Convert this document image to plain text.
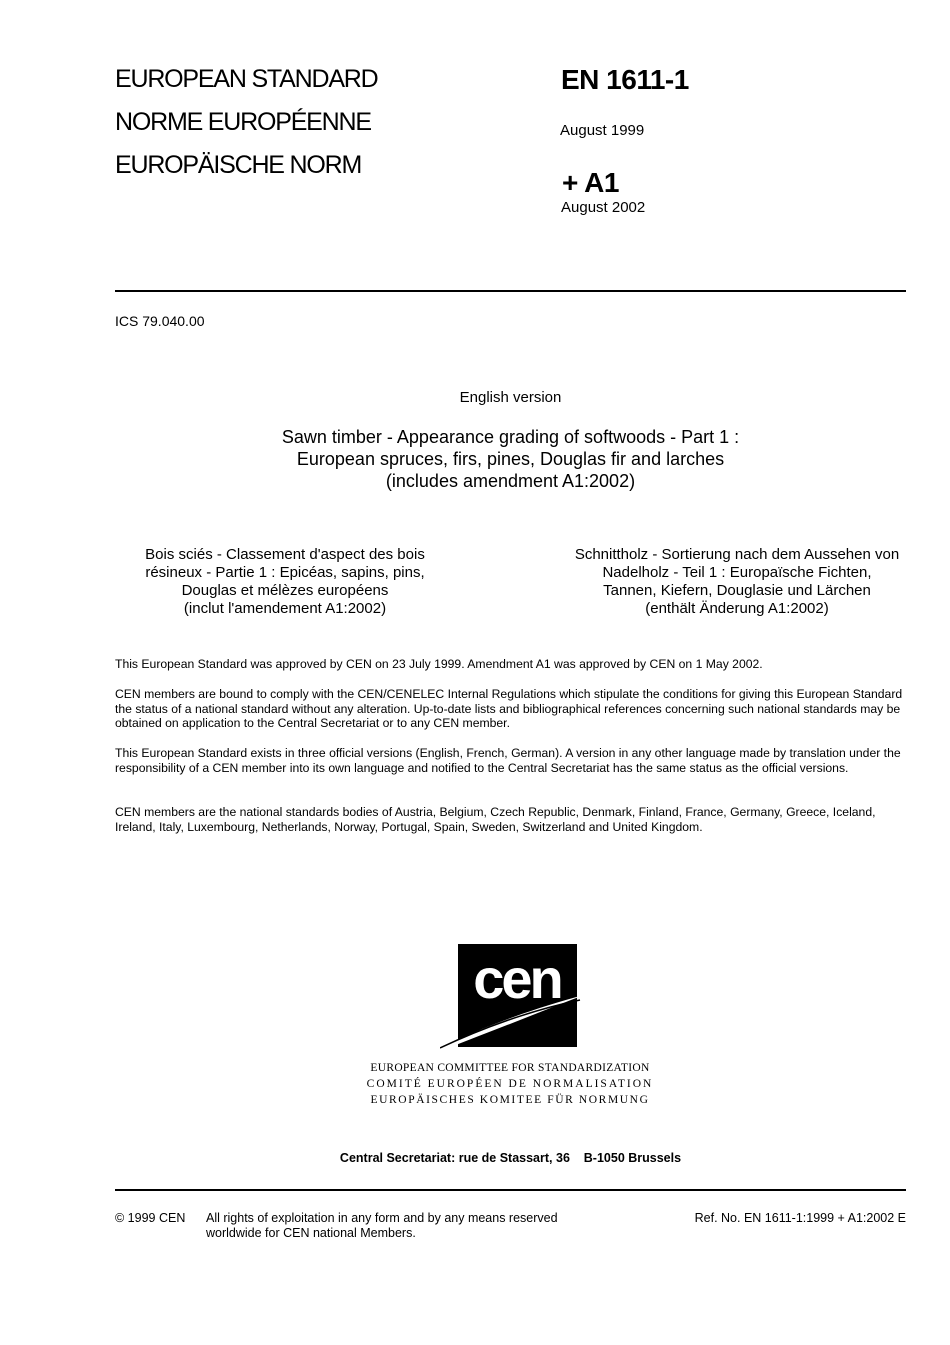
EUROPEAN STANDARD
NORME EUROPÉENNE
EUROPÄISCHE NORM
EN 1611-1
August 1999
+ A1
August 2002
ICS 79.040.00
English version
Sawn timber - Appearance grading of softwoods - Part 1 :
European spruces, firs, pines, Douglas fir and larches
(includes amendment A1:2002)
Bois sciés - Classement d'aspect des bois
résineux - Partie 1 : Epicéas, sapins, pins,
Douglas et mélèzes européens
(inclut l'amendement A1:2002)
Schnittholz - Sortierung nach dem Aussehen von
Nadelholz - Teil 1 : Europaïsche Fichten,
Tannen, Kiefern, Douglasie und Lärchen
(enthält Änderung A1:2002)
This European Standard was approved by CEN on 23 July 1999. Amendment A1 was approved by CEN on 1 May 2002.
CEN members are bound to comply with the CEN/CENELEC Internal Regulations which stipulate the conditions for giving this European Standard the status of a national standard without any alteration. Up-to-date lists and bibliographical references concerning such national standards may be obtained on application to the Central Secretariat or to any CEN member.
This European Standard exists in three official versions (English, French, German). A version in any other language made by translation under the responsibility of a CEN member into its own language and notified to the Central Secretariat has the same status as the official versions.
CEN members are the national standards bodies of Austria, Belgium, Czech Republic, Denmark, Finland, France, Germany, Greece, Iceland, Ireland, Italy, Luxembourg, Netherlands, Norway, Portugal, Spain, Sweden, Switzerland and United Kingdom.
cen
EUROPEAN COMMITTEE FOR STANDARDIZATION
COMITÉ EUROPÉEN DE NORMALISATION
EUROPÄISCHES KOMITEE FÜR NORMUNG
Central Secretariat: rue de Stassart, 36    B-1050 Brussels
© 1999 CEN All rights of exploitation in any form and by any means reserved
worldwide for CEN national Members.
Ref. No. EN 1611-1:1999 + A1:2002 E
